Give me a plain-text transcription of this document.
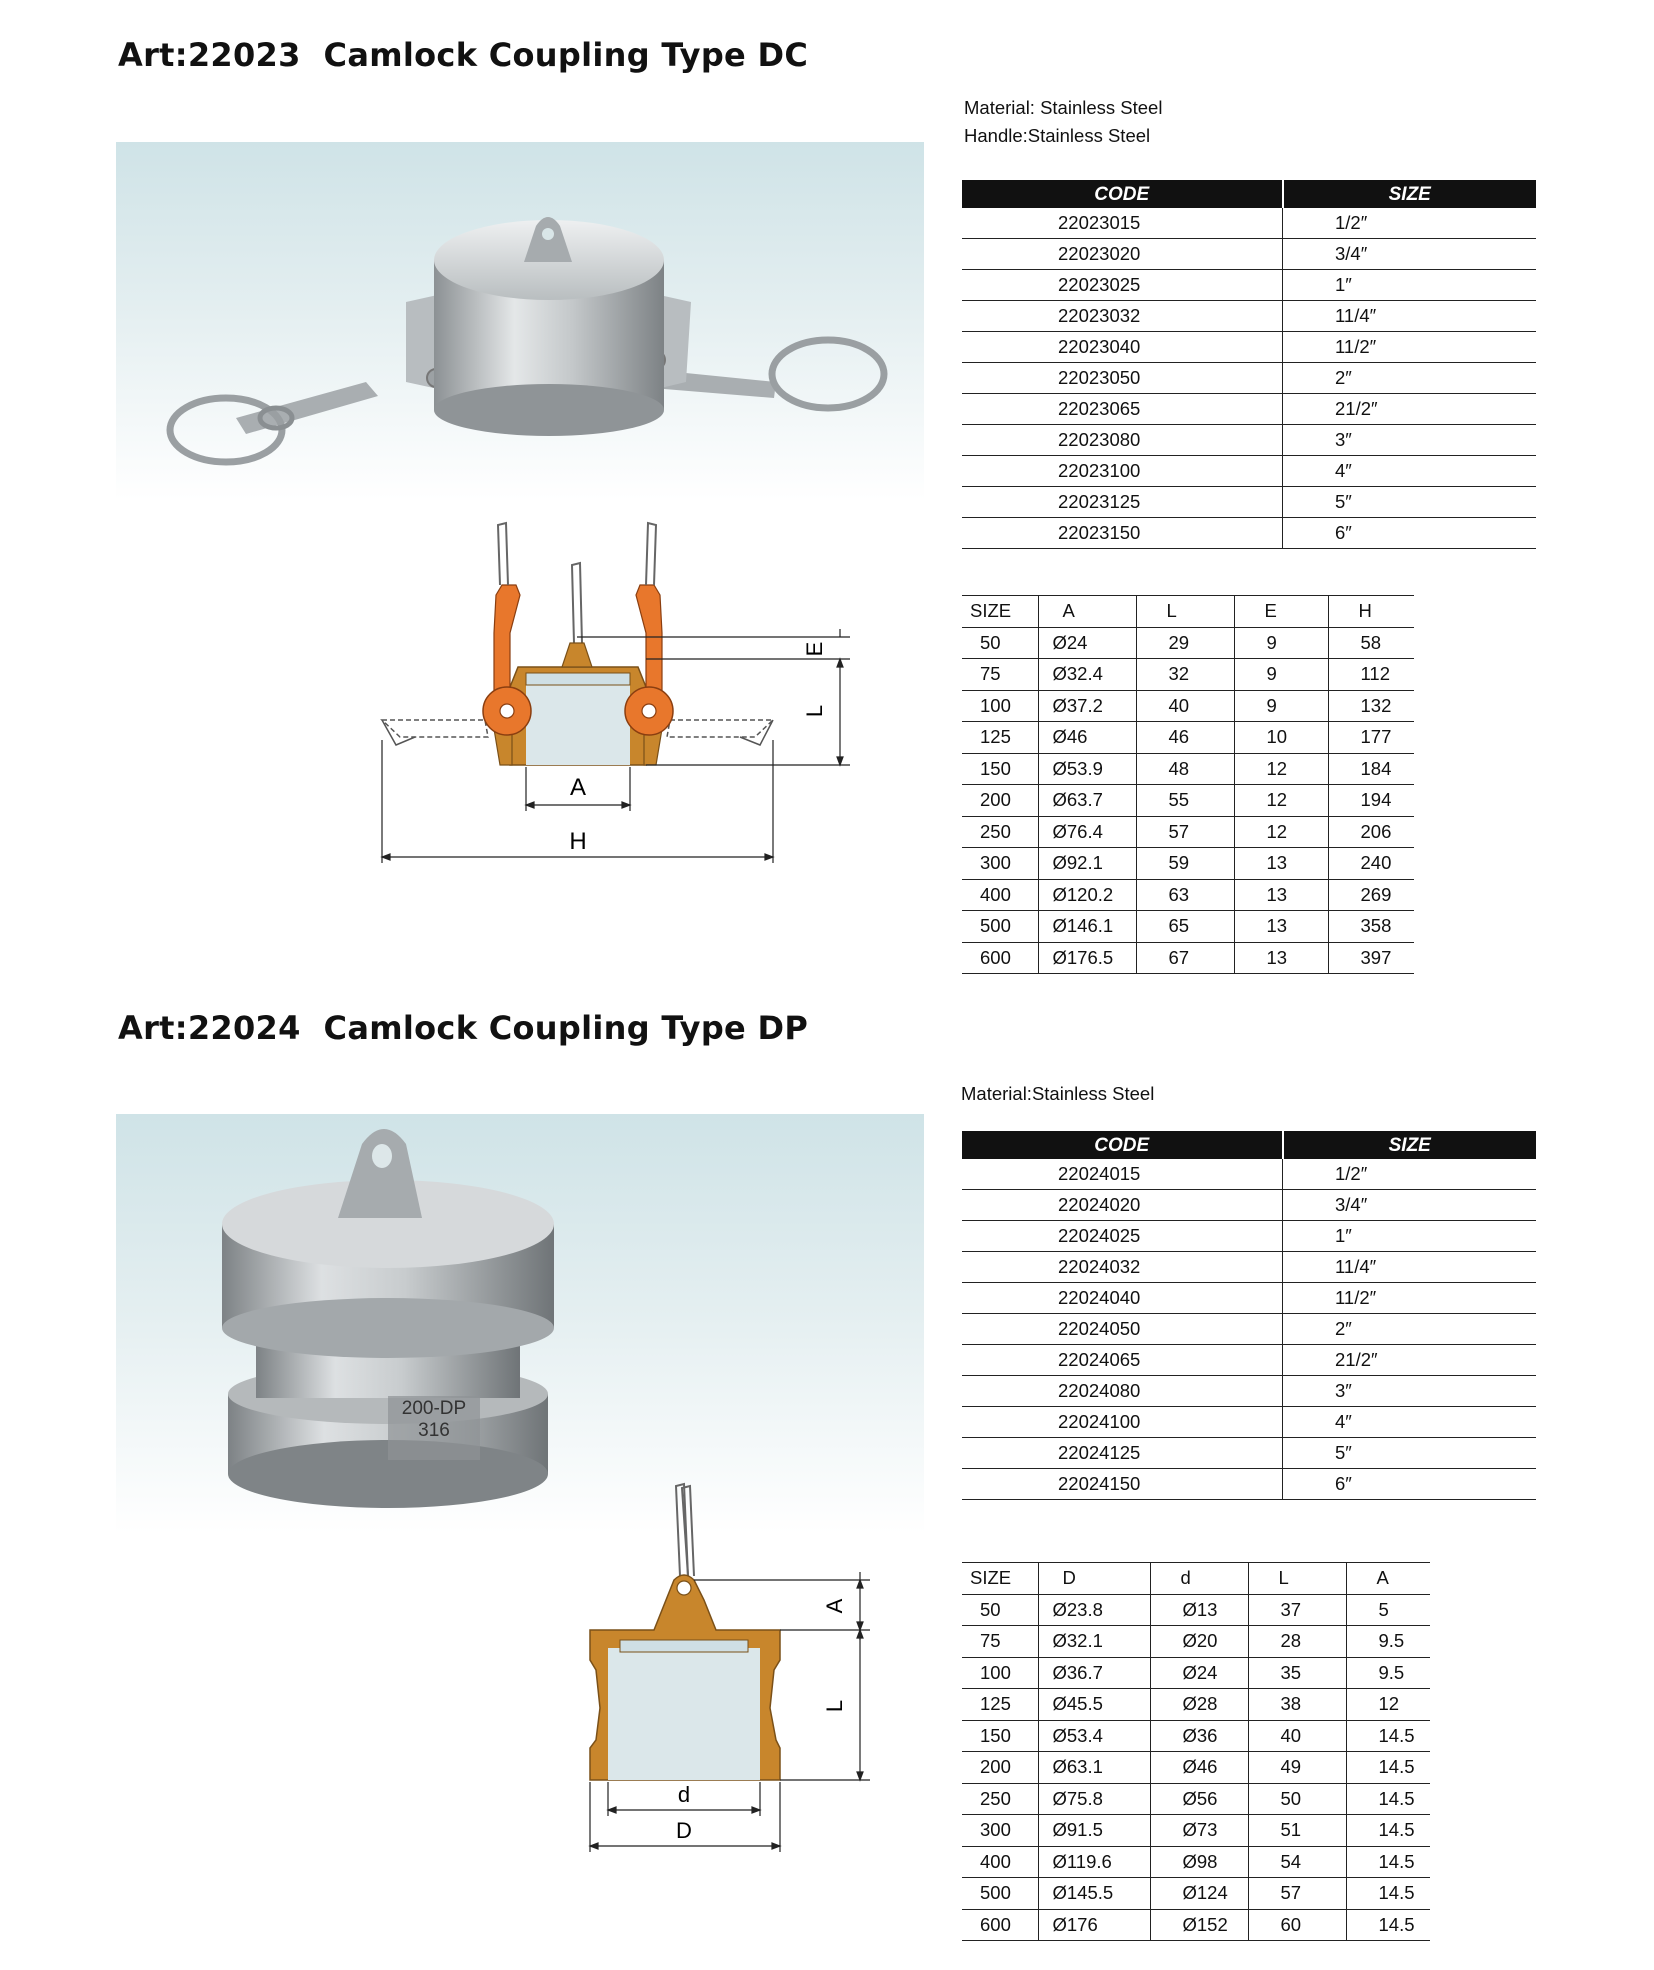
Art:22023  Camlock Coupling Type DC
Material: Stainless Steel
Handle:Stainless Steel
CODE	SIZE
22023015	1/2″
22023020	3/4″
22023025	1″
22023032	11/4″
22023040	11/2″
22023050	2″
22023065	21/2″
22023080	3″
22023100	4″
22023125	5″
22023150	6″
SIZE	A	L	E	H
50	Ø24	29	9	58
75	Ø32.4	32	9	112
100	Ø37.2	40	9	132
125	Ø46	46	10	177
150	Ø53.9	48	12	184
200	Ø63.7	55	12	194
250	Ø76.4	57	12	206
300	Ø92.1	59	13	240
400	Ø120.2	63	13	269
500	Ø146.1	65	13	358
600	Ø176.5	67	13	397
A
H
L
E
Art:22024  Camlock Coupling Type DP
Material:Stainless Steel
200-DP
316
CODE	SIZE
22024015	1/2″
22024020	3/4″
22024025	1″
22024032	11/4″
22024040	11/2″
22024050	2″
22024065	21/2″
22024080	3″
22024100	4″
22024125	5″
22024150	6″
SIZE	D	d	L	A
50	Ø23.8	Ø13	37	5
75	Ø32.1	Ø20	28	9.5
100	Ø36.7	Ø24	35	9.5
125	Ø45.5	Ø28	38	12
150	Ø53.4	Ø36	40	14.5
200	Ø63.1	Ø46	49	14.5
250	Ø75.8	Ø56	50	14.5
300	Ø91.5	Ø73	51	14.5
400	Ø119.6	Ø98	54	14.5
500	Ø145.5	Ø124	57	14.5
600	Ø176	Ø152	60	14.5
A
L
d
D
